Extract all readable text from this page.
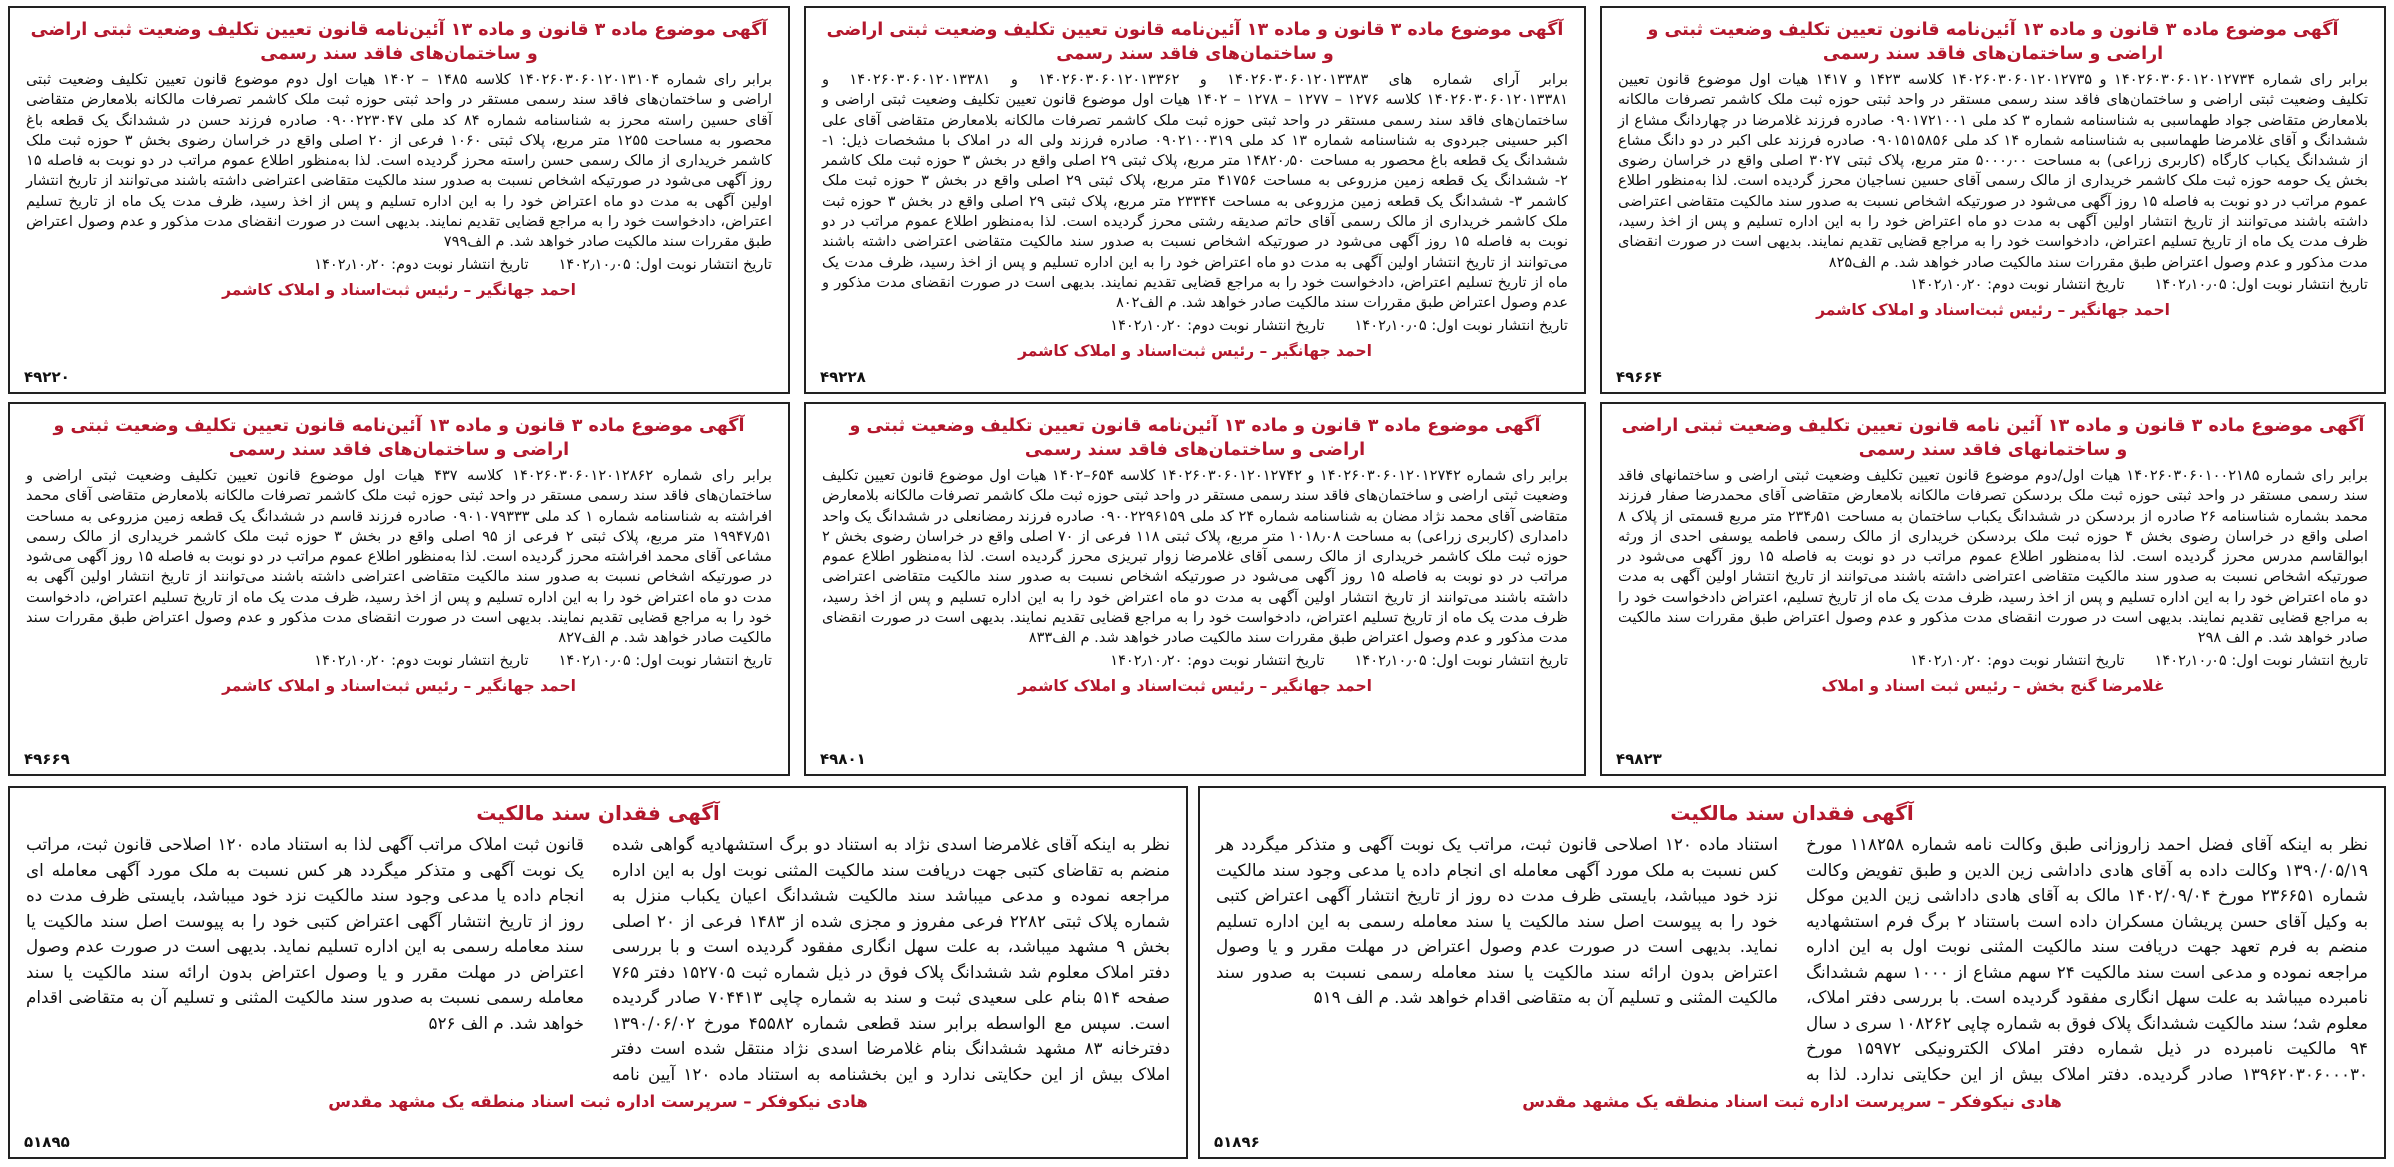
آگهی موضوع ماده ۳ قانون و ماده ۱۳ آئین‌نامه قانون تعیین تکلیف وضعیت ثبتی و اراضی و ساختمان‌های فاقد سند رسمی
برابر رای شماره ۱۴۰۲۶۰۳۰۶۰۱۲۰۱۲۷۳۴ و ۱۴۰۲۶۰۳۰۶۰۱۲۰۱۲۷۳۵ کلاسه ۱۴۲۳ و ۱۴۱۷ هیات اول موضوع قانون تعیین تکلیف وضعیت ثبتی اراضی و ساختمان‌های فاقد سند رسمی مستقر در واحد ثبتی حوزه ثبت ملک کاشمر تصرفات مالکانه بلامعارض متقاضی جواد طهماسبی به شناسنامه شماره ۳ کد ملی ۰۹۰۱۷۲۱۰۰۱ صادره فرزند غلامرضا در چهاردانگ مشاع از ششدانگ و آقای غلامرضا طهماسبی به شناسنامه شماره ۱۴ کد ملی ۰۹۰۱۵۱۵۸۵۶ صادره فرزند علی اکبر در دو دانگ مشاع از ششدانگ یکباب کارگاه (کاربری زراعی) به مساحت ۵۰۰۰٫۰۰ متر مربع، پلاک ثبتی ۳۰۲۷ اصلی واقع در خراسان رضوی بخش یک حومه حوزه ثبت ملک کاشمر خریداری از مالک رسمی آقای حسین نساجیان محرز گردیده است. لذا به‌منظور اطلاع عموم مراتب در دو نوبت به فاصله ۱۵ روز آگهی می‌شود در صورتیکه اشخاص نسبت به صدور سند مالکیت متقاضی اعتراضی داشته باشند می‌توانند از تاریخ انتشار اولین آگهی به مدت دو ماه اعتراض خود را به این اداره تسلیم و پس از اخذ رسید، ظرف مدت یک ماه از تاریخ تسلیم اعتراض، دادخواست خود را به مراجع قضایی تقدیم نمایند. بدیهی است در صورت انقضای مدت مذکور و عدم وصول اعتراض طبق مقررات سند مالکیت صادر خواهد شد. م الف۸۲۵
تاریخ انتشار نوبت اول: ۱۴۰۲٫۱۰٫۰۵
تاریخ انتشار نوبت دوم: ۱۴۰۲٫۱۰٫۲۰
احمد جهانگیر – رئیس ثبت‌اسناد و املاک کاشمر
۴۹۶۶۴
آگهی موضوع ماده ۳ قانون و ماده ۱۳ آئین‌نامه قانون تعیین تکلیف وضعیت ثبتی اراضی و ساختمان‌های فاقد سند رسمی
برابر آرای شماره های ۱۴۰۲۶۰۳۰۶۰۱۲۰۱۳۳۸۳ و ۱۴۰۲۶۰۳۰۶۰۱۲۰۱۳۳۶۲ و ۱۴۰۲۶۰۳۰۶۰۱۲۰۱۳۳۸۱ و ۱۴۰۲۶۰۳۰۶۰۱۲۰۱۳۳۸۱ کلاسه ۱۲۷۶ – ۱۲۷۷ – ۱۲۷۸ – ۱۴۰۲ هیات اول موضوع قانون تعیین تکلیف وضعیت ثبتی اراضی و ساختمان‌های فاقد سند رسمی مستقر در واحد ثبتی حوزه ثبت ملک کاشمر تصرفات مالکانه بلامعارض متقاضی آقای علی اکبر حسینی جبردوی به شناسنامه شماره ۱۳ کد ملی ۰۹۰۲۱۰۰۳۱۹ صادره فرزند ولی اله در املاک با مشخصات ذیل: ۱- ششدانگ یک قطعه باغ محصور به مساحت ۱۴۸۲۰٫۵۰ متر مربع، پلاک ثبتی ۲۹ اصلی واقع در بخش ۳ حوزه ثبت ملک کاشمر ۲- ششدانگ یک قطعه زمین مزروعی به مساحت ۴۱۷۵۶ متر مربع، پلاک ثبتی ۲۹ اصلی واقع در بخش ۳ حوزه ثبت ملک کاشمر ۳- ششدانگ یک قطعه زمین مزروعی به مساحت ۲۳۳۴۴ متر مربع، پلاک ثبتی ۲۹ اصلی واقع در بخش ۳ حوزه ثبت ملک کاشمر خریداری از مالک رسمی آقای حاتم صدیقه رشتی محرز گردیده است. لذا به‌منظور اطلاع عموم مراتب در دو نوبت به فاصله ۱۵ روز آگهی می‌شود در صورتیکه اشخاص نسبت به صدور سند مالکیت متقاضی اعتراضی داشته باشند می‌توانند از تاریخ انتشار اولین آگهی به مدت دو ماه اعتراض خود را به این اداره تسلیم و پس از اخذ رسید، ظرف مدت یک ماه از تاریخ تسلیم اعتراض، دادخواست خود را به مراجع قضایی تقدیم نمایند. بدیهی است در صورت انقضای مدت مذکور و عدم وصول اعتراض طبق مقررات سند مالکیت صادر خواهد شد. م الف۸۰۲
تاریخ انتشار نوبت اول: ۱۴۰۲٫۱۰٫۰۵
تاریخ انتشار نوبت دوم: ۱۴۰۲٫۱۰٫۲۰
احمد جهانگیر – رئیس ثبت‌اسناد و املاک کاشمر
۴۹۲۲۸
آگهی موضوع ماده ۳ قانون و ماده ۱۳ آئین‌نامه قانون تعیین تکلیف وضعیت ثبتی اراضی و ساختمان‌های فاقد سند رسمی
برابر رای شماره ۱۴۰۲۶۰۳۰۶۰۱۲۰۱۳۱۰۴ کلاسه ۱۴۸۵ – ۱۴۰۲ هیات اول دوم موضوع قانون تعیین تکلیف وضعیت ثبتی اراضی و ساختمان‌های فاقد سند رسمی مستقر در واحد ثبتی حوزه ثبت ملک کاشمر تصرفات مالکانه بلامعارض متقاضی آقای حسین راسته محرز به شناسنامه شماره ۸۴ کد ملی ۰۹۰۰۲۲۳۰۴۷ صادره فرزند حسن در ششدانگ یک قطعه باغ محصور به مساحت ۱۲۵۵ متر مربع، پلاک ثبتی ۱۰۶۰ فرعی از ۲۰ اصلی واقع در خراسان رضوی بخش ۳ حوزه ثبت ملک کاشمر خریداری از مالک رسمی حسن راسته محرز گردیده است. لذا به‌منظور اطلاع عموم مراتب در دو نوبت به فاصله ۱۵ روز آگهی می‌شود در صورتیکه اشخاص نسبت به صدور سند مالکیت متقاضی اعتراضی داشته باشند می‌توانند از تاریخ انتشار اولین آگهی به مدت دو ماه اعتراض خود را به این اداره تسلیم و پس از اخذ رسید، ظرف مدت یک ماه از تاریخ تسلیم اعتراض، دادخواست خود را به مراجع قضایی تقدیم نمایند. بدیهی است در صورت انقضای مدت مذکور و عدم وصول اعتراض طبق مقررات سند مالکیت صادر خواهد شد. م الف۷۹۹
تاریخ انتشار نوبت اول: ۱۴۰۲٫۱۰٫۰۵
تاریخ انتشار نوبت دوم: ۱۴۰۲٫۱۰٫۲۰
احمد جهانگیر – رئیس ثبت‌اسناد و املاک کاشمر
۴۹۲۲۰
آگهی موضوع ماده ۳ قانون و ماده ۱۳ آئین نامه قانون تعیین تکلیف وضعیت ثبتی اراضی و ساختمانهای فاقد سند رسمی
برابر رای شماره ۱۴۰۲۶۰۳۰۶۰۱۰۰۲۱۸۵ هیات اول/دوم موضوع قانون تعیین تکلیف وضعیت ثبتی اراضی و ساختمانهای فاقد سند رسمی مستقر در واحد ثبتی حوزه ثبت ملک بردسکن تصرفات مالکانه بلامعارض متقاضی آقای محمدرضا صفار فرزند محمد بشماره شناسنامه ۲۶ صادره از بردسکن در ششدانگ یکباب ساختمان به مساحت ۲۳۴٫۵۱ متر مربع قسمتی از پلاک ۸ اصلی واقع در خراسان رضوی بخش ۴ حوزه ثبت ملک بردسکن خریداری از مالک رسمی فاطمه یوسفی احدی از ورثه ابوالقاسم مدرس محرز گردیده است. لذا به‌منظور اطلاع عموم مراتب در دو نوبت به فاصله ۱۵ روز آگهی می‌شود در صورتیکه اشخاص نسبت به صدور سند مالکیت متقاضی اعتراضی داشته باشند می‌توانند از تاریخ انتشار اولین آگهی به مدت دو ماه اعتراض خود را به این اداره تسلیم و پس از اخذ رسید، ظرف مدت یک ماه از تاریخ تسلیم، اعتراض دادخواست خود را به مراجع قضایی تقدیم نمایند. بدیهی است در صورت انقضای مدت مذکور و عدم وصول اعتراض طبق مقررات سند مالکیت صادر خواهد شد. م الف ۲۹۸
تاریخ انتشار نوبت اول: ۱۴۰۲٫۱۰٫۰۵
تاریخ انتشار نوبت دوم: ۱۴۰۲٫۱۰٫۲۰
غلامرضا گنج بخش – رئیس ثبت اسناد و املاک
۴۹۸۲۳
آگهی موضوع ماده ۳ قانون و ماده ۱۳ آئین‌نامه قانون تعیین تکلیف وضعیت ثبتی و اراضی و ساختمان‌های فاقد سند رسمی
برابر رای شماره ۱۴۰۲۶۰۳۰۶۰۱۲۰۱۲۷۴۲ و ۱۴۰۲۶۰۳۰۶۰۱۲۰۱۲۷۴۲ کلاسه ۶۵۴–۱۴۰۲ هیات اول موضوع قانون تعیین تکلیف وضعیت ثبتی اراضی و ساختمان‌های فاقد سند رسمی مستقر در واحد ثبتی حوزه ثبت ملک کاشمر تصرفات مالکانه بلامعارض متقاضی آقای محمد نژاد مضان به شناسنامه شماره ۲۴ کد ملی ۰۹۰۰۲۲۹۶۱۵۹ صادره فرزند رمضانعلی در ششدانگ یک واحد دامداری (کاربری زراعی) به مساحت ۱۰۱۸٫۰۸ متر مربع، پلاک ثبتی ۱۱۸ فرعی از ۷۰ اصلی واقع در خراسان رضوی بخش ۲ حوزه ثبت ملک کاشمر خریداری از مالک رسمی آقای غلامرضا زوار تبریزی محرز گردیده است. لذا به‌منظور اطلاع عموم مراتب در دو نوبت به فاصله ۱۵ روز آگهی می‌شود در صورتیکه اشخاص نسبت به صدور سند مالکیت متقاضی اعتراضی داشته باشند می‌توانند از تاریخ انتشار اولین آگهی به مدت دو ماه اعتراض خود را به این اداره تسلیم و پس از اخذ رسید، ظرف مدت یک ماه از تاریخ تسلیم اعتراض، دادخواست خود را به مراجع قضایی تقدیم نمایند. بدیهی است در صورت انقضای مدت مذکور و عدم وصول اعتراض طبق مقررات سند مالکیت صادر خواهد شد. م الف۸۳۳
تاریخ انتشار نوبت اول: ۱۴۰۲٫۱۰٫۰۵
تاریخ انتشار نوبت دوم: ۱۴۰۲٫۱۰٫۲۰
احمد جهانگیر – رئیس ثبت‌اسناد و املاک کاشمر
۴۹۸۰۱
آگهی موضوع ماده ۳ قانون و ماده ۱۳ آئین‌نامه قانون تعیین تکلیف وضعیت ثبتی و اراضی و ساختمان‌های فاقد سند رسمی
برابر رای شماره ۱۴۰۲۶۰۳۰۶۰۱۲۰۱۲۸۶۲ کلاسه ۴۳۷ هیات اول موضوع قانون تعیین تکلیف وضعیت ثبتی اراضی و ساختمان‌های فاقد سند رسمی مستقر در واحد ثبتی حوزه ثبت ملک کاشمر تصرفات مالکانه بلامعارض متقاضی آقای محمد افراشته به شناسنامه شماره ۱ کد ملی ۰۹۰۱۰۷۹۳۳۳ صادره فرزند قاسم در ششدانگ یک قطعه زمین مزروعی به مساحت ۱۹۹۴۷٫۵۱ متر مربع، پلاک ثبتی ۲ فرعی از ۹۵ اصلی واقع در بخش ۳ حوزه ثبت ملک کاشمر خریداری از مالک رسمی مشاعی آقای محمد افراشته محرز گردیده است. لذا به‌منظور اطلاع عموم مراتب در دو نوبت به فاصله ۱۵ روز آگهی می‌شود در صورتیکه اشخاص نسبت به صدور سند مالکیت متقاضی اعتراضی داشته باشند می‌توانند از تاریخ انتشار اولین آگهی به مدت دو ماه اعتراض خود را به این اداره تسلیم و پس از اخذ رسید، ظرف مدت یک ماه از تاریخ تسلیم اعتراض، دادخواست خود را به مراجع قضایی تقدیم نمایند. بدیهی است در صورت انقضای مدت مذکور و عدم وصول اعتراض طبق مقررات سند مالکیت صادر خواهد شد. م الف۸۲۷
تاریخ انتشار نوبت اول: ۱۴۰۲٫۱۰٫۰۵
تاریخ انتشار نوبت دوم: ۱۴۰۲٫۱۰٫۲۰
احمد جهانگیر – رئیس ثبت‌اسناد و املاک کاشمر
۴۹۶۶۹
آگهی فقدان سند مالکیت
نظر به اینکه آقای فضل احمد زاروزانی طبق وکالت نامه شماره ۱۱۸۲۵۸ مورخ ۱۳۹۰/۰۵/۱۹ وکالت داده به آقای هادی داداشی زین الدین و طبق تفویض وکالت شماره ۲۳۶۶۵۱ مورخ ۱۴۰۲/۰۹/۰۴ مالک به آقای هادی داداشی زین الدین موکل به وکیل آقای حسن پریشان مسکران داده است باستناد ۲ برگ فرم استشهادیه منضم به فرم تعهد جهت دریافت سند مالکیت المثنی نوبت اول به این اداره مراجعه نموده و مدعی است سند مالکیت ۲۴ سهم مشاع از ۱۰۰۰ سهم ششدانگ نامبرده میباشد به علت سهل انگاری مفقود گردیده است. با بررسی دفتر املاک، معلوم شد؛ سند مالکیت ششدانگ پلاک فوق به شماره چاپی ۱۰۸۲۶۲ سری د سال ۹۴ مالکیت نامبرده در ذیل شماره دفتر املاک الکترونیکی ۱۵۹۷۲ مورخ ۱۳۹۶۲۰۳۰۶۰۰۰۳۰ صادر گردیده. دفتر املاک بیش از این حکایتی ندارد. لذا به استناد ماده ۱۲۰ اصلاحی قانون ثبت، مراتب یک نوبت آگهی و متذکر میگردد هر کس نسبت به ملک مورد آگهی معامله ای انجام داده یا مدعی وجود سند مالکیت نزد خود میباشد، بایستی ظرف مدت ده روز از تاریخ انتشار آگهی اعتراض کتبی خود را به پیوست اصل سند مالکیت یا سند معامله رسمی به این اداره تسلیم نماید. بدیهی است در صورت عدم وصول اعتراض در مهلت مقرر و یا وصول اعتراض بدون ارائه سند مالکیت یا سند معامله رسمی نسبت به صدور سند مالکیت المثنی و تسلیم آن به متقاضی اقدام خواهد شد. م الف ۵۱۹
هادی نیکوفکر – سرپرست اداره ثبت اسناد منطقه یک مشهد مقدس
۵۱۸۹۶
آگهی فقدان سند مالکیت
نظر به اینکه آقای غلامرضا اسدی نژاد به استناد دو برگ استشهادیه گواهی شده منضم به تقاضای کتبی جهت دریافت سند مالکیت المثنی نوبت اول به این اداره مراجعه نموده و مدعی میباشد سند مالکیت ششدانگ اعیان یکباب منزل به شماره پلاک ثبتی ۲۲۸۲ فرعی مفروز و مجزی شده از ۱۴۸۳ فرعی از ۲۰ اصلی بخش ۹ مشهد میباشد، به علت سهل انگاری مفقود گردیده است و با بررسی دفتر املاک معلوم شد ششدانگ پلاک فوق در ذیل شماره ثبت ۱۵۲۷۰۵ دفتر ۷۶۵ صفحه ۵۱۴ بنام علی سعیدی ثبت و سند به شماره چاپی ۷۰۴۴۱۳ صادر گردیده است. سپس مع الواسطه برابر سند قطعی شماره ۴۵۵۸۲ مورخ ۱۳۹۰/۰۶/۰۲ دفترخانه ۸۳ مشهد ششدانگ بنام غلامرضا اسدی نژاد منتقل شده است دفتر املاک بیش از این حکایتی ندارد و این بخشنامه به استناد ماده ۱۲۰ آیین نامه قانون ثبت املاک مراتب آگهی لذا به استناد ماده ۱۲۰ اصلاحی قانون ثبت، مراتب یک نوبت آگهی و متذکر میگردد هر کس نسبت به ملک مورد آگهی معامله ای انجام داده یا مدعی وجود سند مالکیت نزد خود میباشد، بایستی ظرف مدت ده روز از تاریخ انتشار آگهی اعتراض کتبی خود را به پیوست اصل سند مالکیت یا سند معامله رسمی به این اداره تسلیم نماید. بدیهی است در صورت عدم وصول اعتراض در مهلت مقرر و یا وصول اعتراض بدون ارائه سند مالکیت یا سند معامله رسمی نسبت به صدور سند مالکیت المثنی و تسلیم آن به متقاضی اقدام خواهد شد. م الف ۵۲۶
هادی نیکوفکر – سرپرست اداره ثبت اسناد منطقه یک مشهد مقدس
۵۱۸۹۵
